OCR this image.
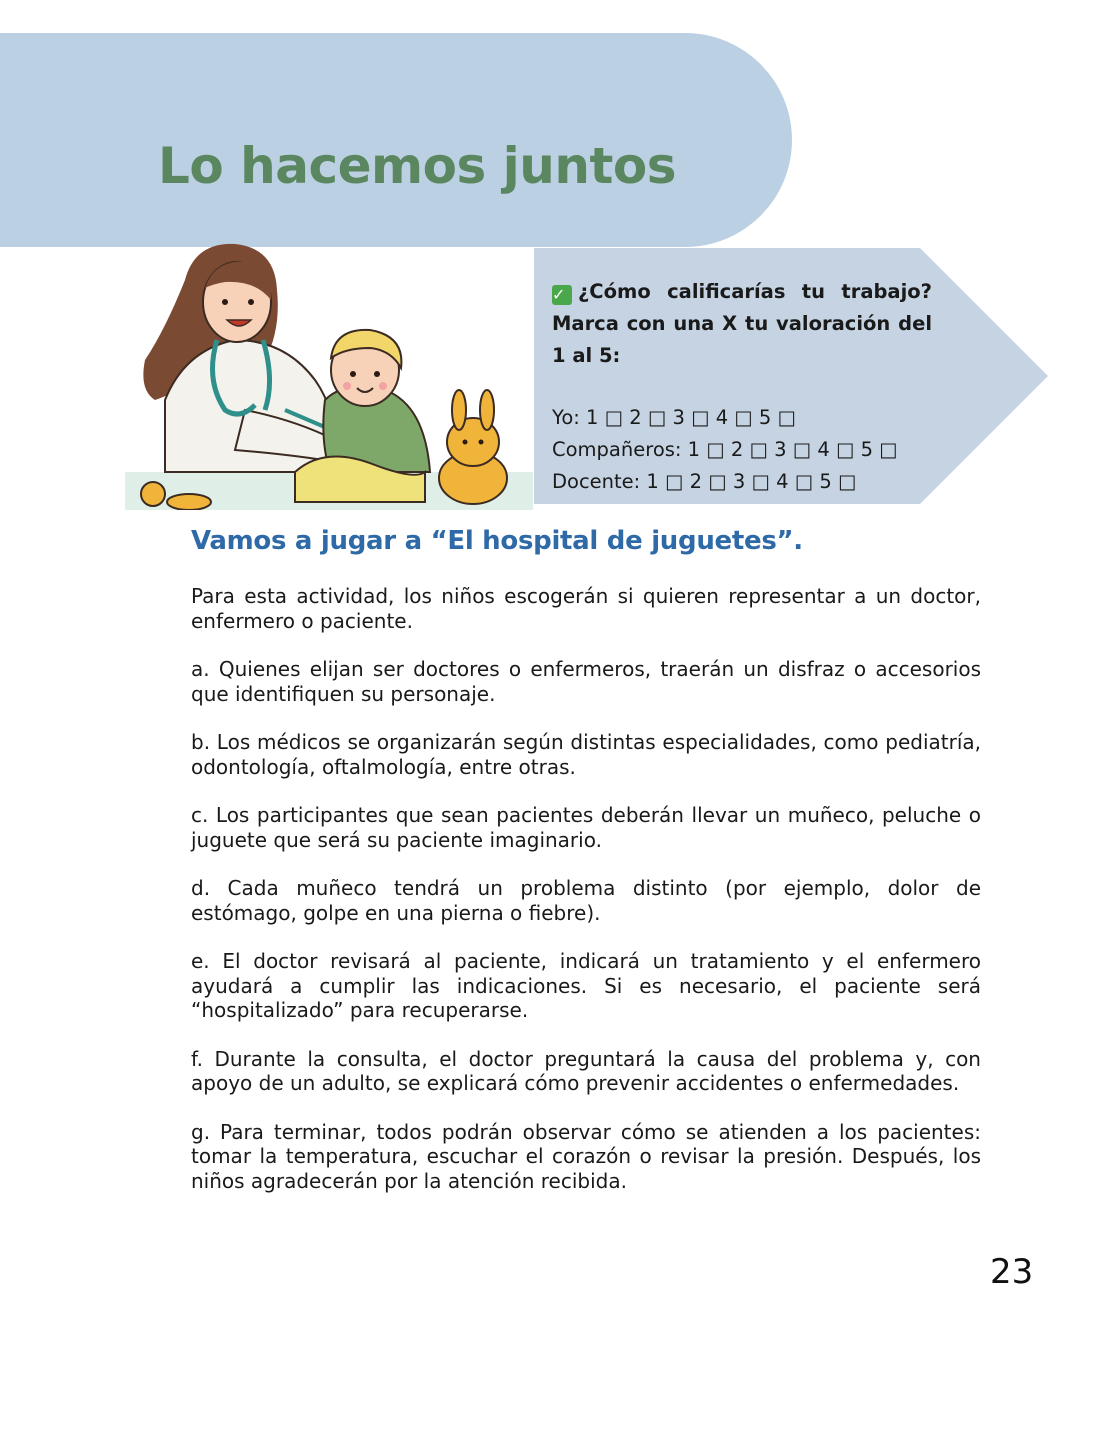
Lo hacemos juntos
✓ ¿Cómo calificarías tu trabajo? Marca con una X tu valoración del 1 al 5:
Yo: 1 □ 2 □ 3 □ 4 □ 5 □
Compañeros: 1 □ 2 □ 3 □ 4 □ 5 □
Docente: 1 □ 2 □ 3 □ 4 □ 5 □
Vamos a jugar a “El hospital de juguetes”.

Para esta actividad, los niños escogerán si quieren representar a un doctor, enfermero o paciente.

a. Quienes elijan ser doctores o enfermeros, traerán un disfraz o accesorios que identifiquen su personaje.

b. Los médicos se organizarán según distintas especialidades, como pediatría, odontología, oftalmología, entre otras.

c. Los participantes que sean pacientes deberán llevar un muñeco, peluche o juguete que será su paciente imaginario.

d. Cada muñeco tendrá un problema distinto (por ejemplo, dolor de estómago, golpe en una pierna o fiebre).

e. El doctor revisará al paciente, indicará un tratamiento y el enfermero ayudará a cumplir las indicaciones. Si es necesario, el paciente será “hospitalizado” para recuperarse.

f. Durante la consulta, el doctor preguntará la causa del problema y, con apoyo de un adulto, se explicará cómo prevenir accidentes o enfermedades.

g. Para terminar, todos podrán observar cómo se atienden a los pacientes: tomar la temperatura, escuchar el corazón o revisar la presión. Después, los niños agradecerán por la atención recibida.

23
